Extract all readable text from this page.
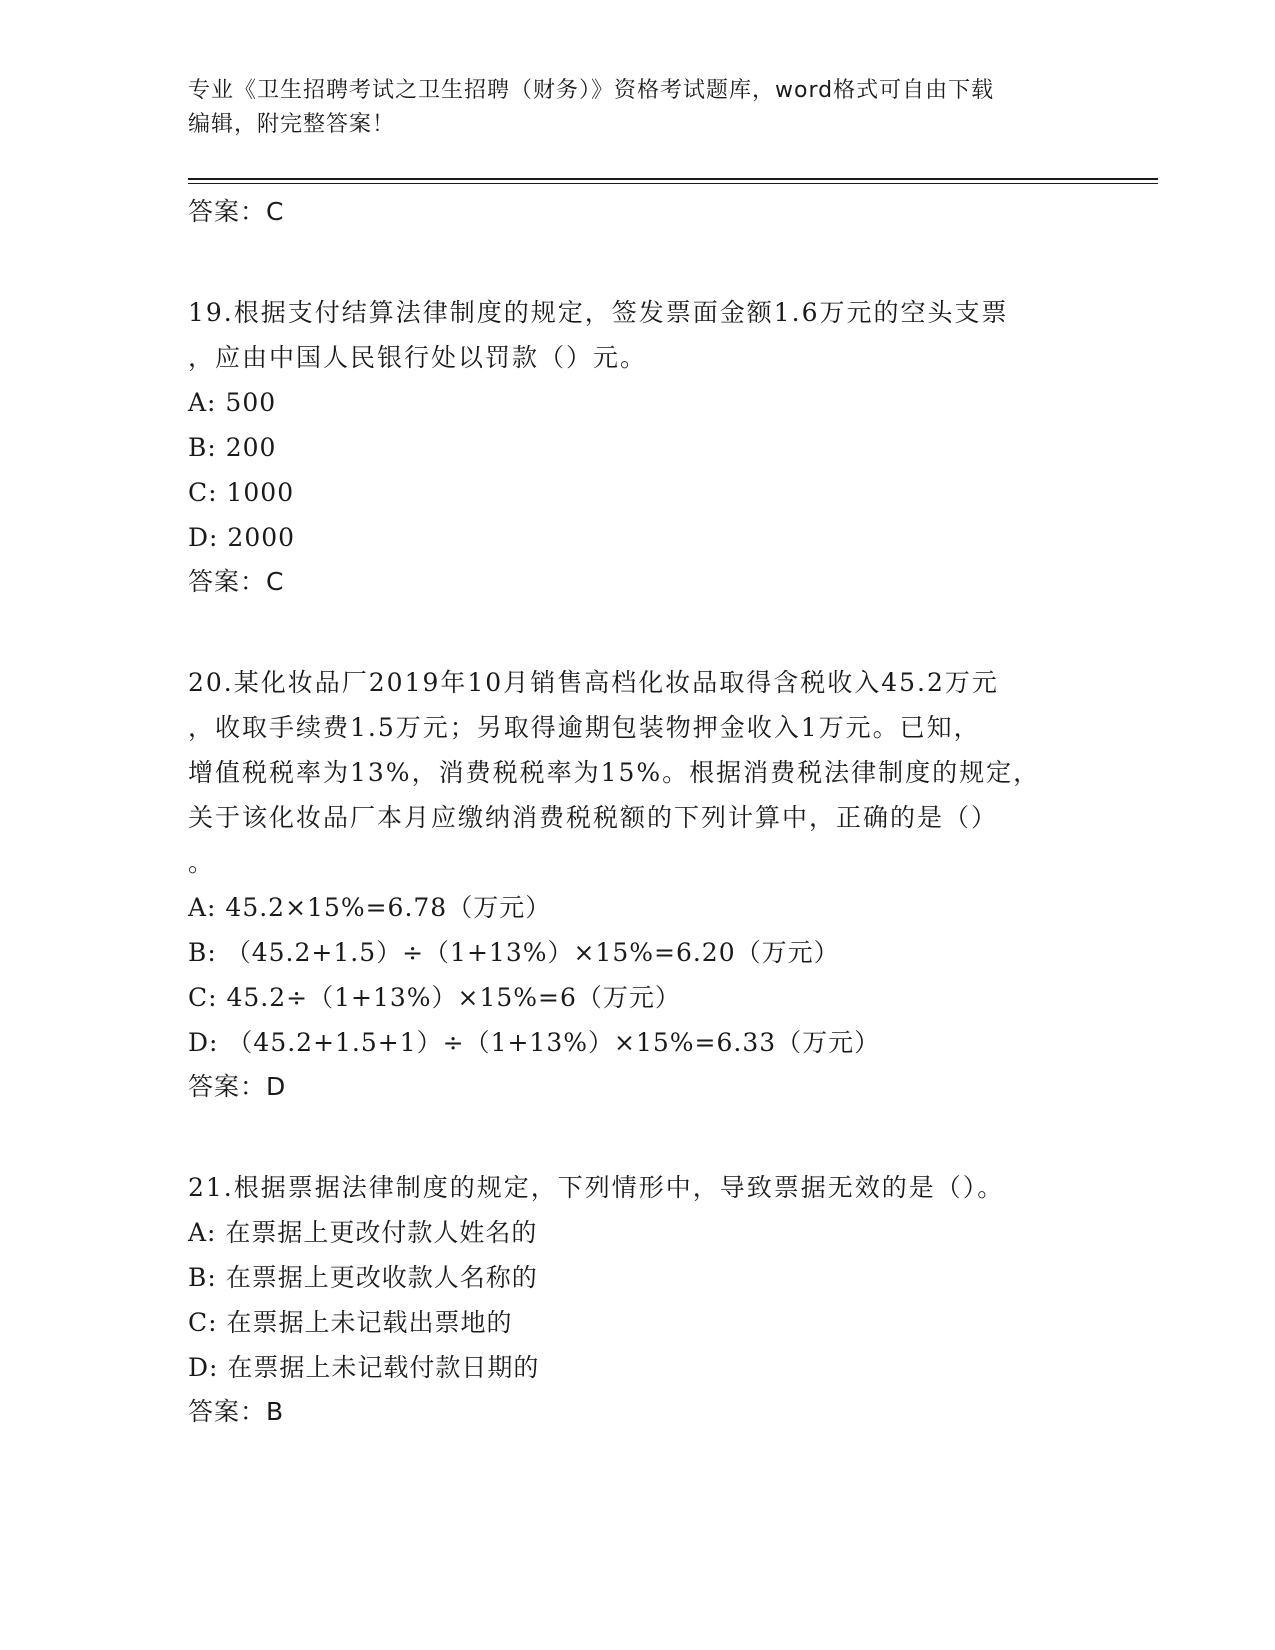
专业《卫生招聘考试之卫生招聘（财务）》资格考试题库，word格式可自由下载
编辑，附完整答案！
答案：C
19.根据支付结算法律制度的规定，签发票面金额1.6万元的空头支票
，应由中国人民银行处以罚款（）元。
A: 500
B: 200
C: 1000
D: 2000
答案：C
20.某化妆品厂2019年10月销售高档化妆品取得含税收入45.2万元
，收取手续费1.5万元；另取得逾期包装物押金收入1万元。已知，
增值税税率为13%，消费税税率为15%。根据消费税法律制度的规定，
关于该化妆品厂本月应缴纳消费税税额的下列计算中，正确的是（）
。
A: 45.2×15%=6.78（万元）
B: （45.2+1.5）÷（1+13%）×15%=6.20（万元）
C: 45.2÷（1+13%）×15%=6（万元）
D: （45.2+1.5+1）÷（1+13%）×15%=6.33（万元）
答案：D
21.根据票据法律制度的规定，下列情形中，导致票据无效的是（）。
A: 在票据上更改付款人姓名的
B: 在票据上更改收款人名称的
C: 在票据上未记载出票地的
D: 在票据上未记载付款日期的
答案：B
